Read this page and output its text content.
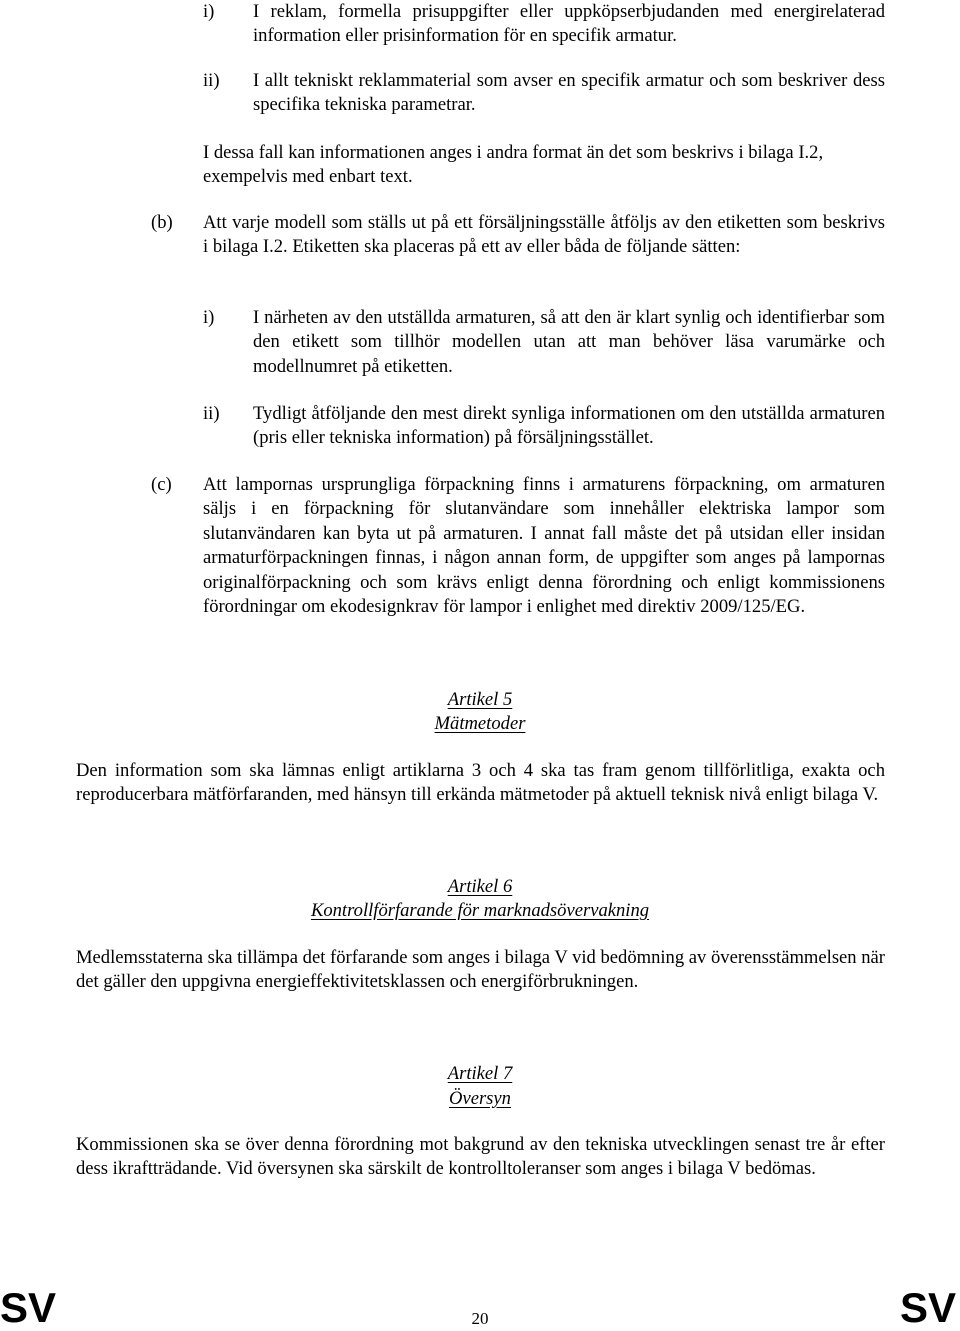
i) I reklam, formella prisuppgifter eller uppköpserbjudanden med energirelaterad information eller prisinformation för en specifik armatur.
ii) I allt tekniskt reklammaterial som avser en specifik armatur och som beskriver dess specifika tekniska parametrar.
I dessa fall kan informationen anges i andra format än det som beskrivs i bilaga I.2, exempelvis med enbart text.
(b) Att varje modell som ställs ut på ett försäljningsställe åtföljs av den etiketten som beskrivs i bilaga I.2. Etiketten ska placeras på ett av eller båda de följande sätten:
i) I närheten av den utställda armaturen, så att den är klart synlig och identifierbar som den etikett som tillhör modellen utan att man behöver läsa varumärke och modellnumret på etiketten.
ii) Tydligt åtföljande den mest direkt synliga informationen om den utställda armaturen (pris eller tekniska information) på försäljningsstället.
(c) Att lampornas ursprungliga förpackning finns i armaturens förpackning, om armaturen säljs i en förpackning för slutanvändare som innehåller elektriska lampor som slutanvändaren kan byta ut på armaturen. I annat fall måste det på utsidan eller insidan armaturförpackningen finnas, i någon annan form, de uppgifter som anges på lampornas originalförpackning och som krävs enligt denna förordning och enligt kommissionens förordningar om ekodesignkrav för lampor i enlighet med direktiv 2009/125/EG.
Artikel 5
Mätmetoder
Den information som ska lämnas enligt artiklarna 3 och 4 ska tas fram genom tillförlitliga, exakta och reproducerbara mätförfaranden, med hänsyn till erkända mätmetoder på aktuell teknisk nivå enligt bilaga V.
Artikel 6
Kontrollförfarande för marknadsövervakning
Medlemsstaterna ska tillämpa det förfarande som anges i bilaga V vid bedömning av överensstämmelsen när det gäller den uppgivna energieffektivitetsklassen och energiförbrukningen.
Artikel 7
Översyn
Kommissionen ska se över denna förordning mot bakgrund av den tekniska utvecklingen senast tre år efter dess ikraftträdande. Vid översynen ska särskilt de kontrolltoleranser som anges i bilaga V bedömas.
SV	20	SV
